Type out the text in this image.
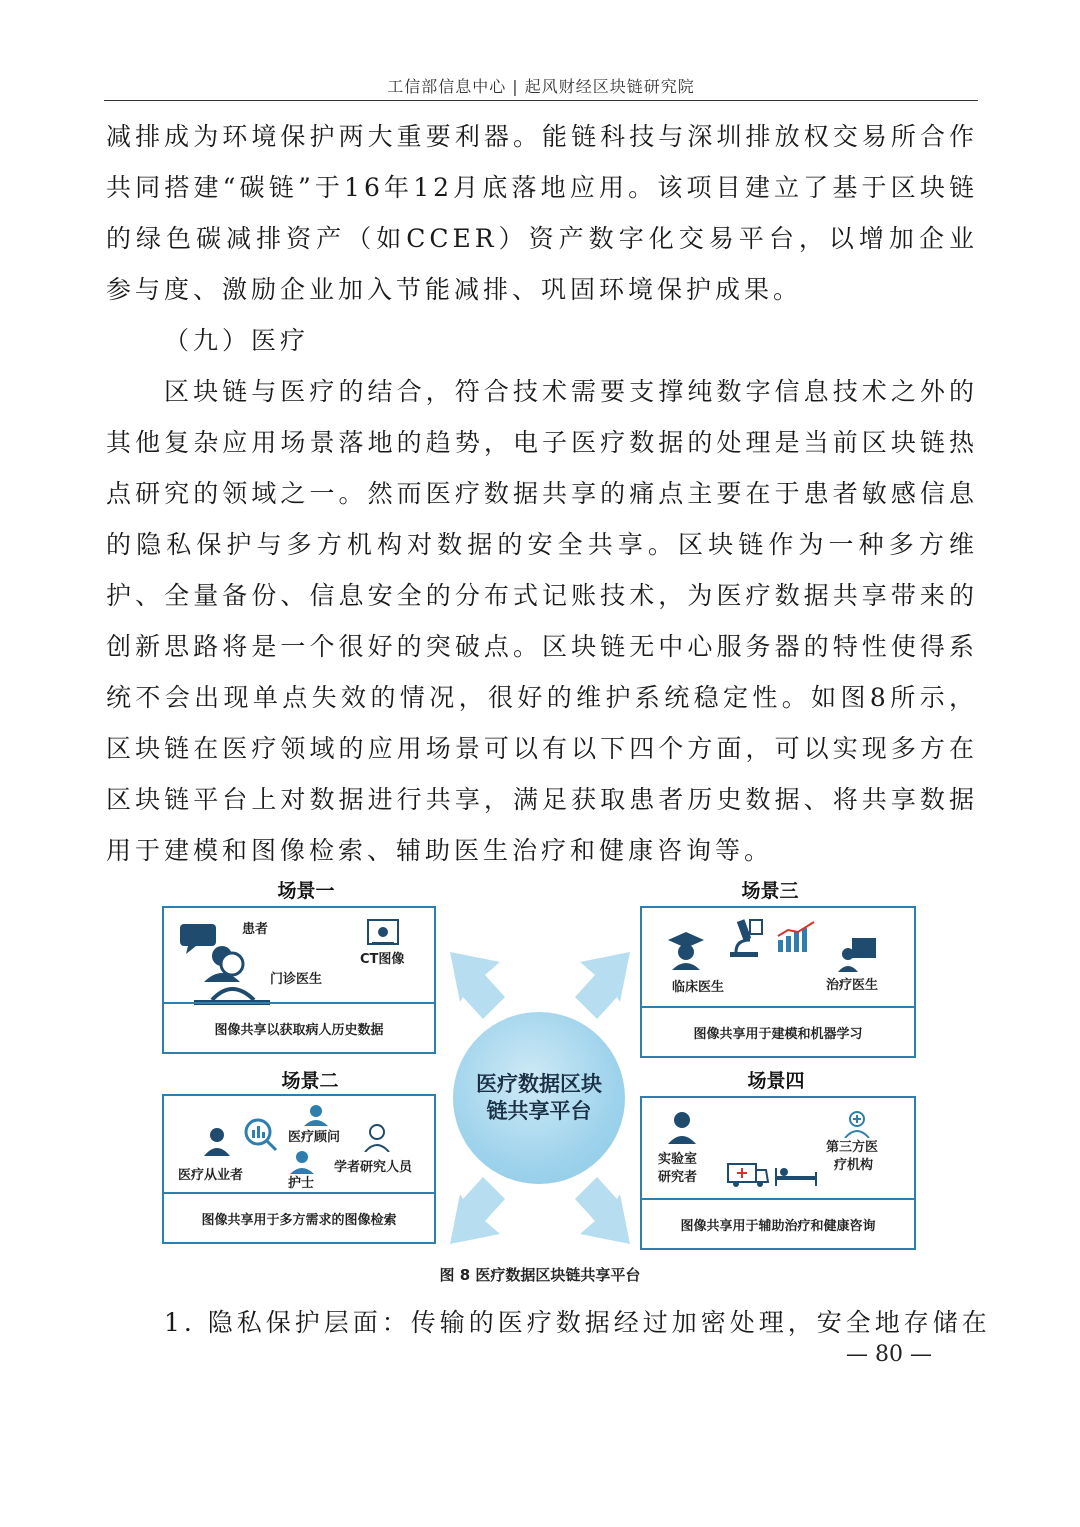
工信部信息中心 | 起风财经区块链研究院

减排成为环境保护两大重要利器。能链科技与深圳排放权交易所合作共同搭建“碳链”于16年12月底落地应用。该项目建立了基于区块链的绿色碳减排资产（如CCER）资产数字化交易平台，以增加企业参与度、激励企业加入节能减排、巩固环境保护成果。

（九）医疗

区块链与医疗的结合，符合技术需要支撑纯数字信息技术之外的其他复杂应用场景落地的趋势，电子医疗数据的处理是当前区块链热点研究的领域之一。然而医疗数据共享的痛点主要在于患者敏感信息的隐私保护与多方机构对数据的安全共享。区块链作为一种多方维护、全量备份、信息安全的分布式记账技术，为医疗数据共享带来的创新思路将是一个很好的突破点。区块链无中心服务器的特性使得系统不会出现单点失效的情况，很好的维护系统稳定性。如图8所示，区块链在医疗领域的应用场景可以有以下四个方面，可以实现多方在区块链平台上对数据进行共享，满足获取患者历史数据、将共享数据用于建模和图像检索、辅助医生治疗和健康咨询等。

场景一
患者
CT图像
门诊医生
图像共享以获取病人历史数据
场景三
临床医生	治疗医生
图像共享用于建模和机器学习
医疗数据区块
链共享平台
场景二
医疗顾问
医疗从业者
学者研究人员
护士
图像共享用于多方需求的图像检索
场景四
实验室
研究者
第三方医
疗机构
图像共享用于辅助治疗和健康咨询
图 8 医疗数据区块链共享平台
1. 隐私保护层面：传输的医疗数据经过加密处理，安全地存储在
— 80 —
